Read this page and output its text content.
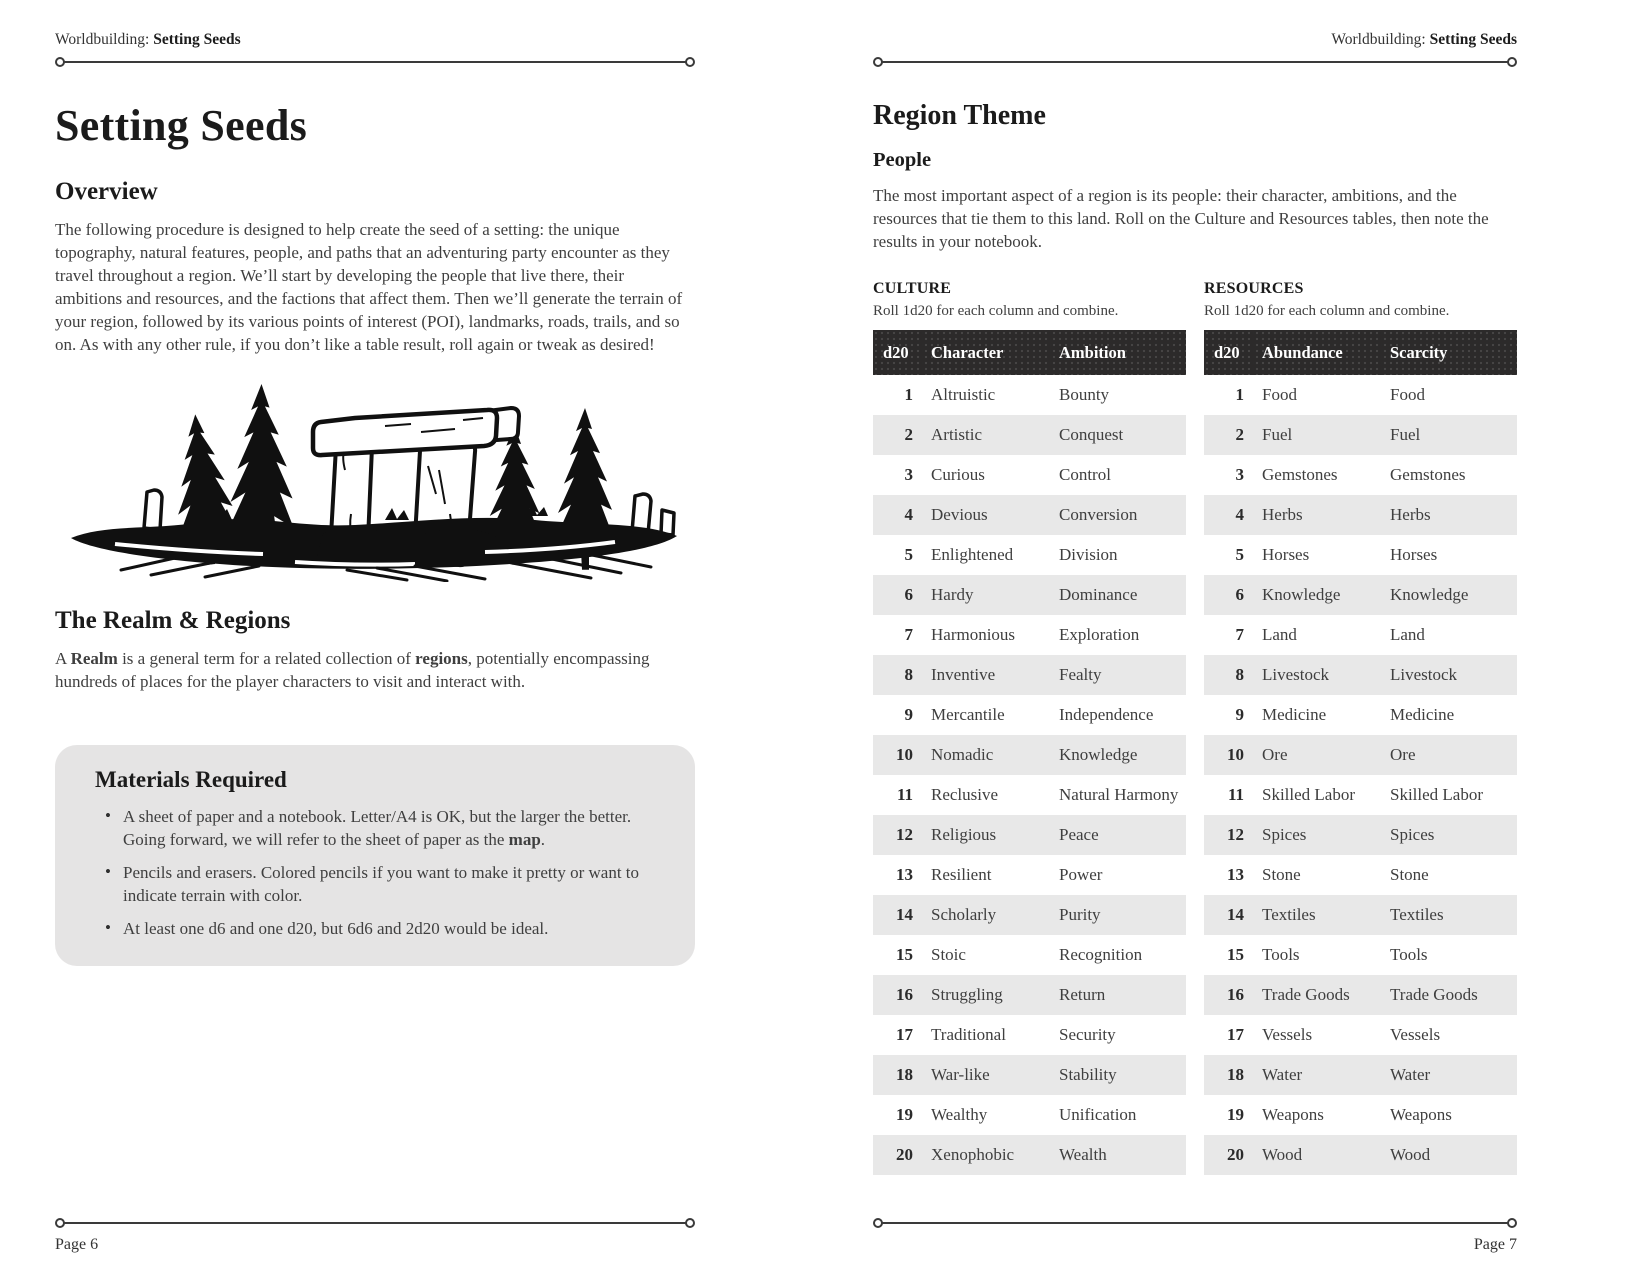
Worldbuilding: Setting Seeds
Setting Seeds
Overview

The following procedure is designed to help create the seed of a setting: the unique topography, natural features, people, and paths that an adventuring party encounter as they travel throughout a region. We’ll start by developing the people that live there, their ambitions and resources, and the factions that affect them. Then we’ll generate the terrain of your region, followed by its various points of interest (POI), landmarks, roads, trails, and so on. As with any other rule, if you don’t like a table result, roll again or tweak as desired!

The Realm & Regions

A Realm is a general term for a related collection of regions, potentially encompassing hundreds of places for the player characters to visit and interact with.

Materials Required
• A sheet of paper and a notebook. Letter/A4 is OK, but the larger the better. Going forward, we will refer to the sheet of paper as the map.
• Pencils and erasers. Colored pencils if you want to make it pretty or want to indicate terrain with color.
• At least one d6 and one d20, but 6d6 and 2d20 would be ideal.
Page 6
Worldbuilding: Setting Seeds
Region Theme
People

The most important aspect of a region is its people: their character, ambitions, and the resources that tie them to this land. Roll on the Culture and Resources tables, then note the results in your notebook.

CULTURE
Roll 1d20 for each column and combine.
d20	Character	Ambition
1	Altruistic	Bounty
2	Artistic	Conquest
3	Curious	Control
4	Devious	Conversion
5	Enlightened	Division
6	Hardy	Dominance
7	Harmonious	Exploration
8	Inventive	Fealty
9	Mercantile	Independence
10	Nomadic	Knowledge
11	Reclusive	Natural Harmony
12	Religious	Peace
13	Resilient	Power
14	Scholarly	Purity
15	Stoic	Recognition
16	Struggling	Return
17	Traditional	Security
18	War-like	Stability
19	Wealthy	Unification
20	Xenophobic	Wealth
RESOURCES
Roll 1d20 for each column and combine.
d20	Abundance	Scarcity
1	Food	Food
2	Fuel	Fuel
3	Gemstones	Gemstones
4	Herbs	Herbs
5	Horses	Horses
6	Knowledge	Knowledge
7	Land	Land
8	Livestock	Livestock
9	Medicine	Medicine
10	Ore	Ore
11	Skilled Labor	Skilled Labor
12	Spices	Spices
13	Stone	Stone
14	Textiles	Textiles
15	Tools	Tools
16	Trade Goods	Trade Goods
17	Vessels	Vessels
18	Water	Water
19	Weapons	Weapons
20	Wood	Wood
Page 7
